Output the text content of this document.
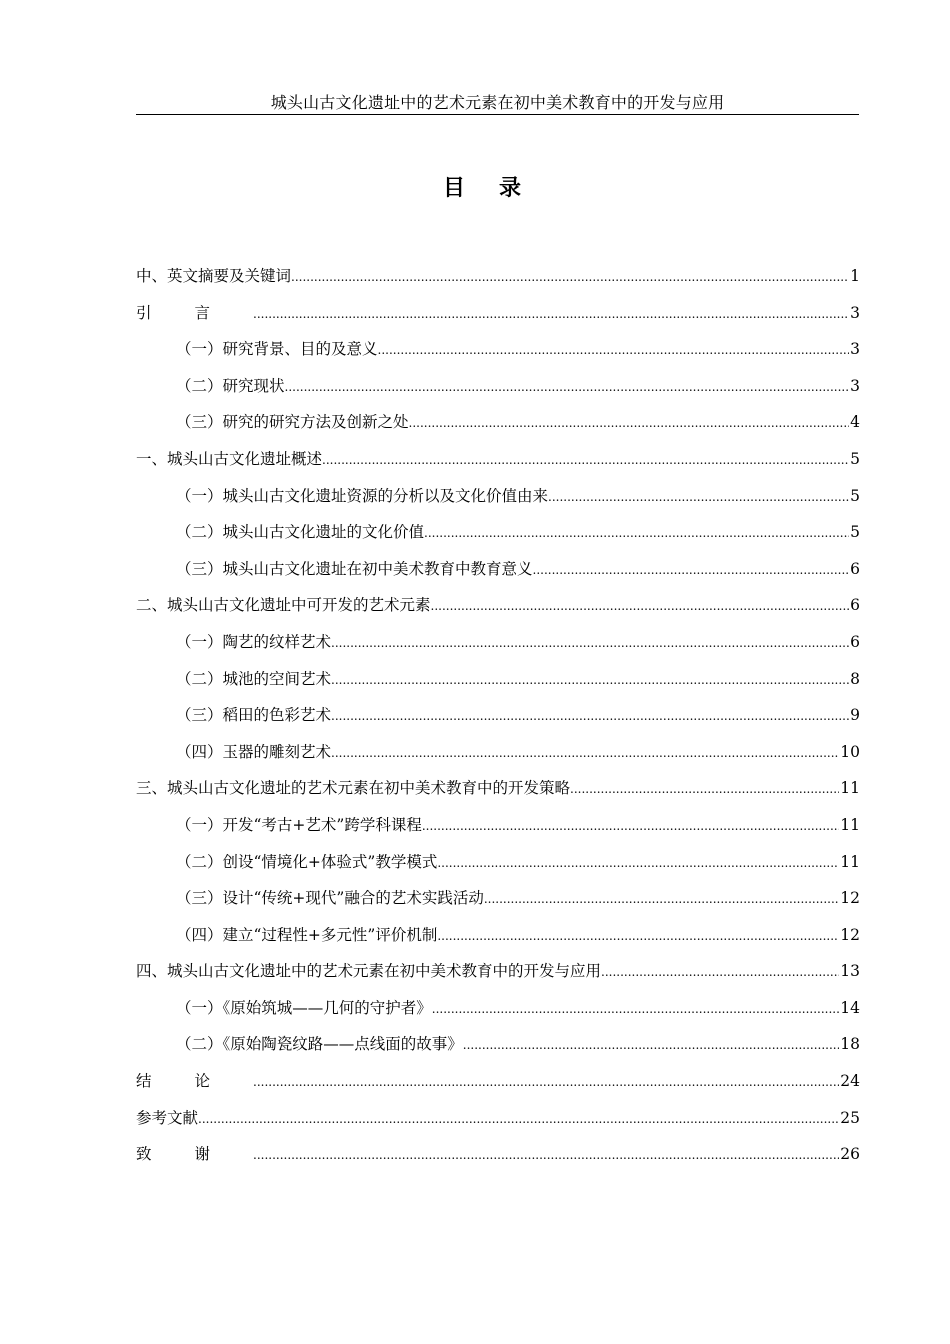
城头山古文化遗址中的艺术元素在初中美术教育中的开发与应用
目录
中、英文摘要及关键词 .....	1
引言 .....	3
（一）研究背景、目的及意义 .....	3
（二）研究现状 .....	3
（三）研究的研究方法及创新之处 .....	4
一、城头山古文化遗址概述 .....	5
（一）城头山古文化遗址资源的分析以及文化价值由来 .....	5
（二）城头山古文化遗址的文化价值 .....	5
（三）城头山古文化遗址在初中美术教育中教育意义 .....	6
二、城头山古文化遗址中可开发的艺术元素 .....	6
（一）陶艺的纹样艺术 .....	6
（二）城池的空间艺术 .....	8
（三）稻田的色彩艺术 .....	9
（四）玉器的雕刻艺术 .....	10
三、城头山古文化遗址的艺术元素在初中美术教育中的开发策略 .....	11
（一）开发“考古+艺术”跨学科课程 .....	11
（二）创设“情境化+体验式”教学模式 .....	11
（三）设计“传统+现代”融合的艺术实践活动 .....	12
（四）建立“过程性+多元性”评价机制 .....	12
四、城头山古文化遗址中的艺术元素在初中美术教育中的开发与应用 .....	13
（一）《原始筑城——几何的守护者》 .....	14
（二）《原始陶瓷纹路——点线面的故事》 .....	18
结论 .....	24
参考文献 .....	25
致谢 .....	26
